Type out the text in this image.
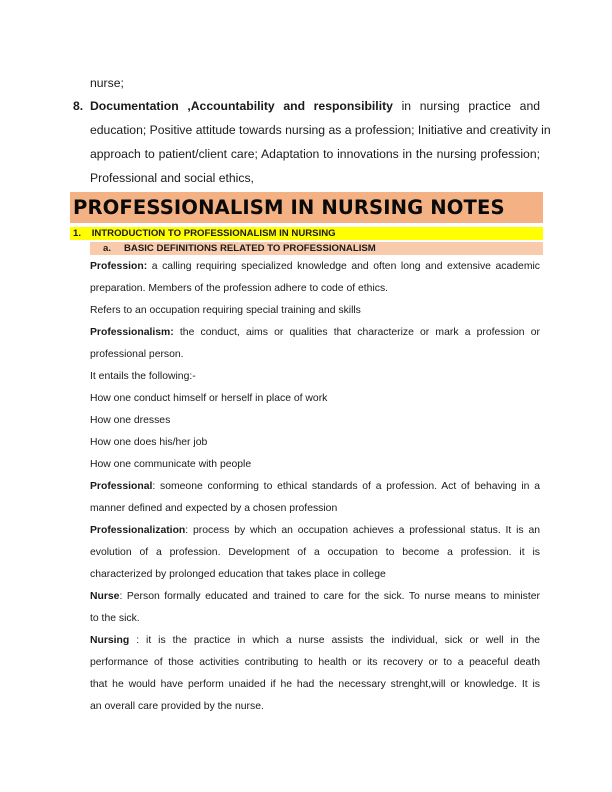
nurse;
8. Documentation ,Accountability and responsibility in nursing practice and
education; Positive attitude towards nursing as a profession; Initiative and creativity in
approach to patient/client care; Adaptation to innovations in the nursing profession;
Professional and social ethics,
PROFESSIONALISM IN NURSING NOTES
1. INTRODUCTION TO PROFESSIONALISM IN NURSING
a. BASIC DEFINITIONS RELATED TO PROFESSIONALISM
Profession: a calling requiring specialized knowledge and often long and extensive academic
preparation. Members of the profession adhere to code of ethics.
Refers to an occupation requiring special training and skills
Professionalism: the conduct, aims or qualities that characterize or mark a profession or
professional person.
It entails the following:-
How one conduct himself or herself in place of work
How one dresses
How one does his/her job
How one communicate with people
Professional: someone conforming to ethical standards of a profession. Act of behaving in a
manner defined and expected by a chosen profession
Professionalization: process by which an occupation achieves a professional status. It is an
evolution of a profession. Development of a occupation to become a profession. it is
characterized by prolonged education that takes place in college
Nurse: Person formally educated and trained to care for the sick. To nurse means to minister
to the sick.
Nursing : it is the practice in which a nurse assists the individual, sick or well in the
performance of those activities contributing to health or its recovery or to a peaceful death
that he would have perform unaided if he had the necessary strenght,will or knowledge. It is
an overall care provided by the nurse.
